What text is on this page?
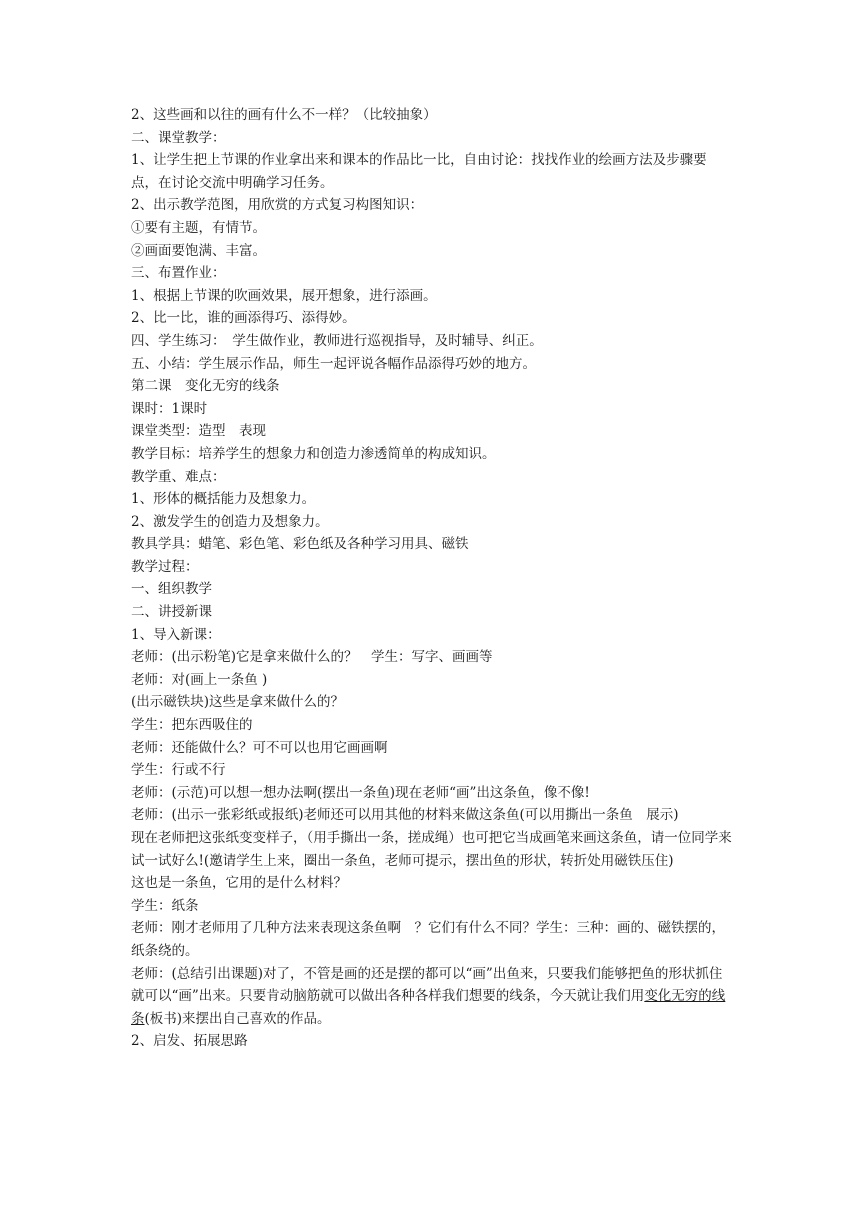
2、这些画和以往的画有什么不一样？（比较抽象）

二、课堂教学：

1、让学生把上节课的作业拿出来和课本的作品比一比，自由讨论：找找作业的绘画方法及步骤要点，在讨论交流中明确学习任务。

2、出示教学范图，用欣赏的方式复习构图知识：

①要有主题，有情节。

②画面要饱满、丰富。

三、布置作业：

1、根据上节课的吹画效果，展开想象，进行添画。

2、比一比，谁的画添得巧、添得妙。

四、学生练习：　学生做作业，教师进行巡视指导，及时辅导、纠正。

五、小结：学生展示作品，师生一起评说各幅作品添得巧妙的地方。

第二课　变化无穷的线条

课时：1课时

课堂类型：造型　表现

教学目标：培养学生的想象力和创造力渗透简单的构成知识。

教学重、难点：

1、形体的概括能力及想象力。

2、激发学生的创造力及想象力。

教具学具：蜡笔、彩色笔、彩色纸及各种学习用具、磁铁

教学过程：

一、组织教学

二、讲授新课

1、导入新课：

老师：(出示粉笔)它是拿来做什么的？　学生：写字、画画等

老师：对(画上一条鱼 )

(出示磁铁块)这些是拿来做什么的？

学生：把东西吸住的

老师：还能做什么？可不可以也用它画画啊

学生：行或不行

老师：(示范)可以想一想办法啊(摆出一条鱼)现在老师“画”出这条鱼，像不像!

老师：(出示一张彩纸或报纸)老师还可以用其他的材料来做这条鱼(可以用撕出一条鱼　展示)

现在老师把这张纸变变样子，（用手撕出一条，搓成绳）也可把它当成画笔来画这条鱼，请一位同学来试一试好么!(邀请学生上来，圈出一条鱼，老师可提示，摆出鱼的形状，转折处用磁铁压住)

这也是一条鱼，它用的是什么材料？

学生：纸条

老师：刚才老师用了几种方法来表现这条鱼啊　？它们有什么不同？学生：三种：画的、磁铁摆的，纸条绕的。

老师：(总结引出课题)对了，不管是画的还是摆的都可以“画”出鱼来，只要我们能够把鱼的形状抓住就可以“画”出来。只要肯动脑筋就可以做出各种各样我们想要的线条，今天就让我们用变化无穷的线条(板书)来摆出自己喜欢的作品。

2、启发、拓展思路
